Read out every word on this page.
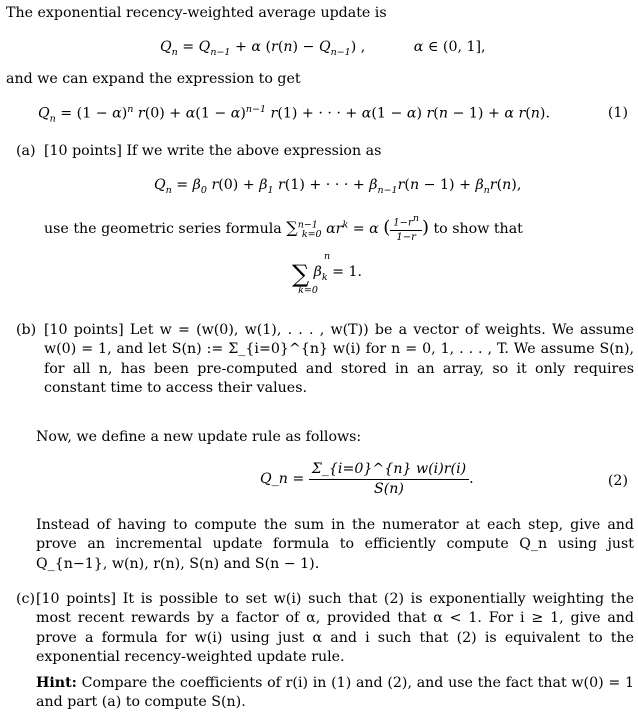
The exponential recency-weighted average update is

$Q_n = Q_{n-1} + \alpha$ $(r(n) - Q_{n-1})$ ,	α ∈ (0, 1],

and we can expand the expression to get

$Q_n = (1 - \alpha)^n$ $r(0) + \alpha(1 - \alpha)^{n-1}$ r(1) + · · · + α(1 − α) r(n − 1) + α r(n).	(1)
(a) [10 points] If we write the above expression as

$Q_n = \beta_0$ $r(0) + \beta_1$ r(1) + · · · + $\beta_{n-1}r(n - 1) + \beta_nr(n)$,

use the geometric series formula ∑$^{n-1}_{k=0}$ $\alpha r^k = \alpha$ ( $\frac{1-r^n}{1-r}$ ) to show that

n
∑ $\beta_k = 1$.
k=0
(b) [10 points] Let w = (w(0), w(1), . . . , w(T)) be a vector of weights. We assume w(0) = 1, and let S(n) := Σ_{i=0}^{n} w(i) for n = 0, 1, . . . , T. We assume S(n), for all n, has been pre-computed and stored in an array, so it only requires constant time to access their values.

Now, we define a new update rule as follows:

Q_n = $\frac{\Sigma\_\{i=0\}\^{}\{n\} w(i)r(i)}{S(n)}$ .	(2)

Instead of having to compute the sum in the numerator at each step, give and prove an incremental update formula to efficiently compute Q_n using just Q_{n−1}, w(n), r(n), S(n) and S(n − 1).

(c) [10 points] It is possible to set w(i) such that (2) is exponentially weighting the most recent rewards by a factor of α, provided that α < 1. For i ≥ 1, give and prove a formula for w(i) using just α and i such that (2) is equivalent to the exponential recency-weighted update rule.

Hint: Compare the coefficients of r(i) in (1) and (2), and use the fact that w(0) = 1 and part (a) to compute S(n).
